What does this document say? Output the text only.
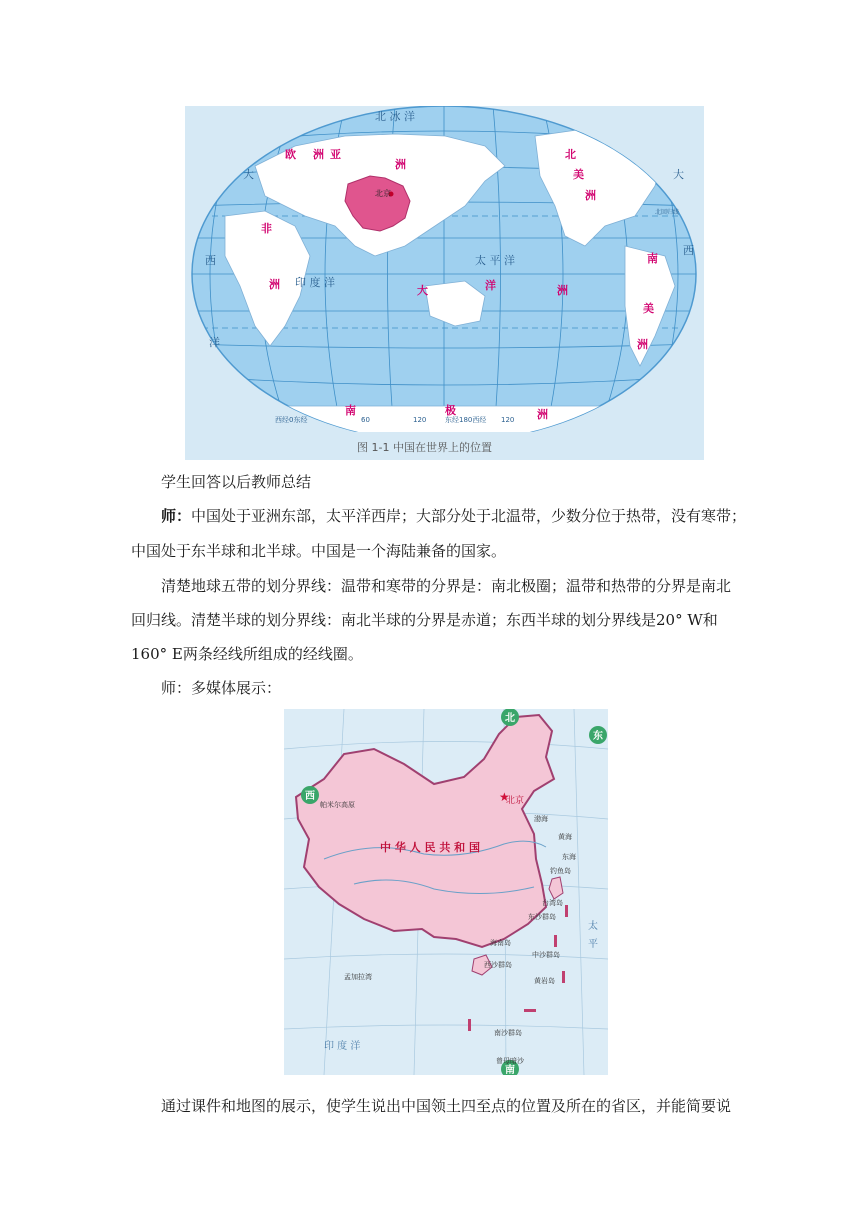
北 冰 洋
欧 洲 亚
洲
北
美
洲
非
洲	大	洋	洲
南
美
洲
南	极	洲
大
西
洋
大
西
印 度 洋
太 平 洋
北京
60	120	东经180西经 120
西经0东经
北回归线
图 1-1 中国在世界上的位置
学生回答以后教师总结
师：中国处于亚洲东部，太平洋西岸；大部分处于北温带，少数分位于热带，没有寒带；
中国处于东半球和北半球。中国是一个海陆兼备的国家。
清楚地球五带的划分界线：温带和寒带的分界是：南北极圈；温带和热带的分界是南北
回归线。清楚半球的划分界线：南北半球的分界是赤道；东西半球的划分界线是20° W和
160° E两条经线所组成的经线圈。
师：多媒体展示：
西
北
东
南
★
北京
中 华 人 民 共 和 国
帕米尔高原
渤海
黄海
东海
钓鱼岛
台湾岛
东沙群岛
海南岛
西沙群岛
中沙群岛
黄岩岛
南沙群岛
曾母暗沙
孟加拉湾
印 度 洋
太
平
通过课件和地图的展示，使学生说出中国领土四至点的位置及所在的省区，并能简要说
